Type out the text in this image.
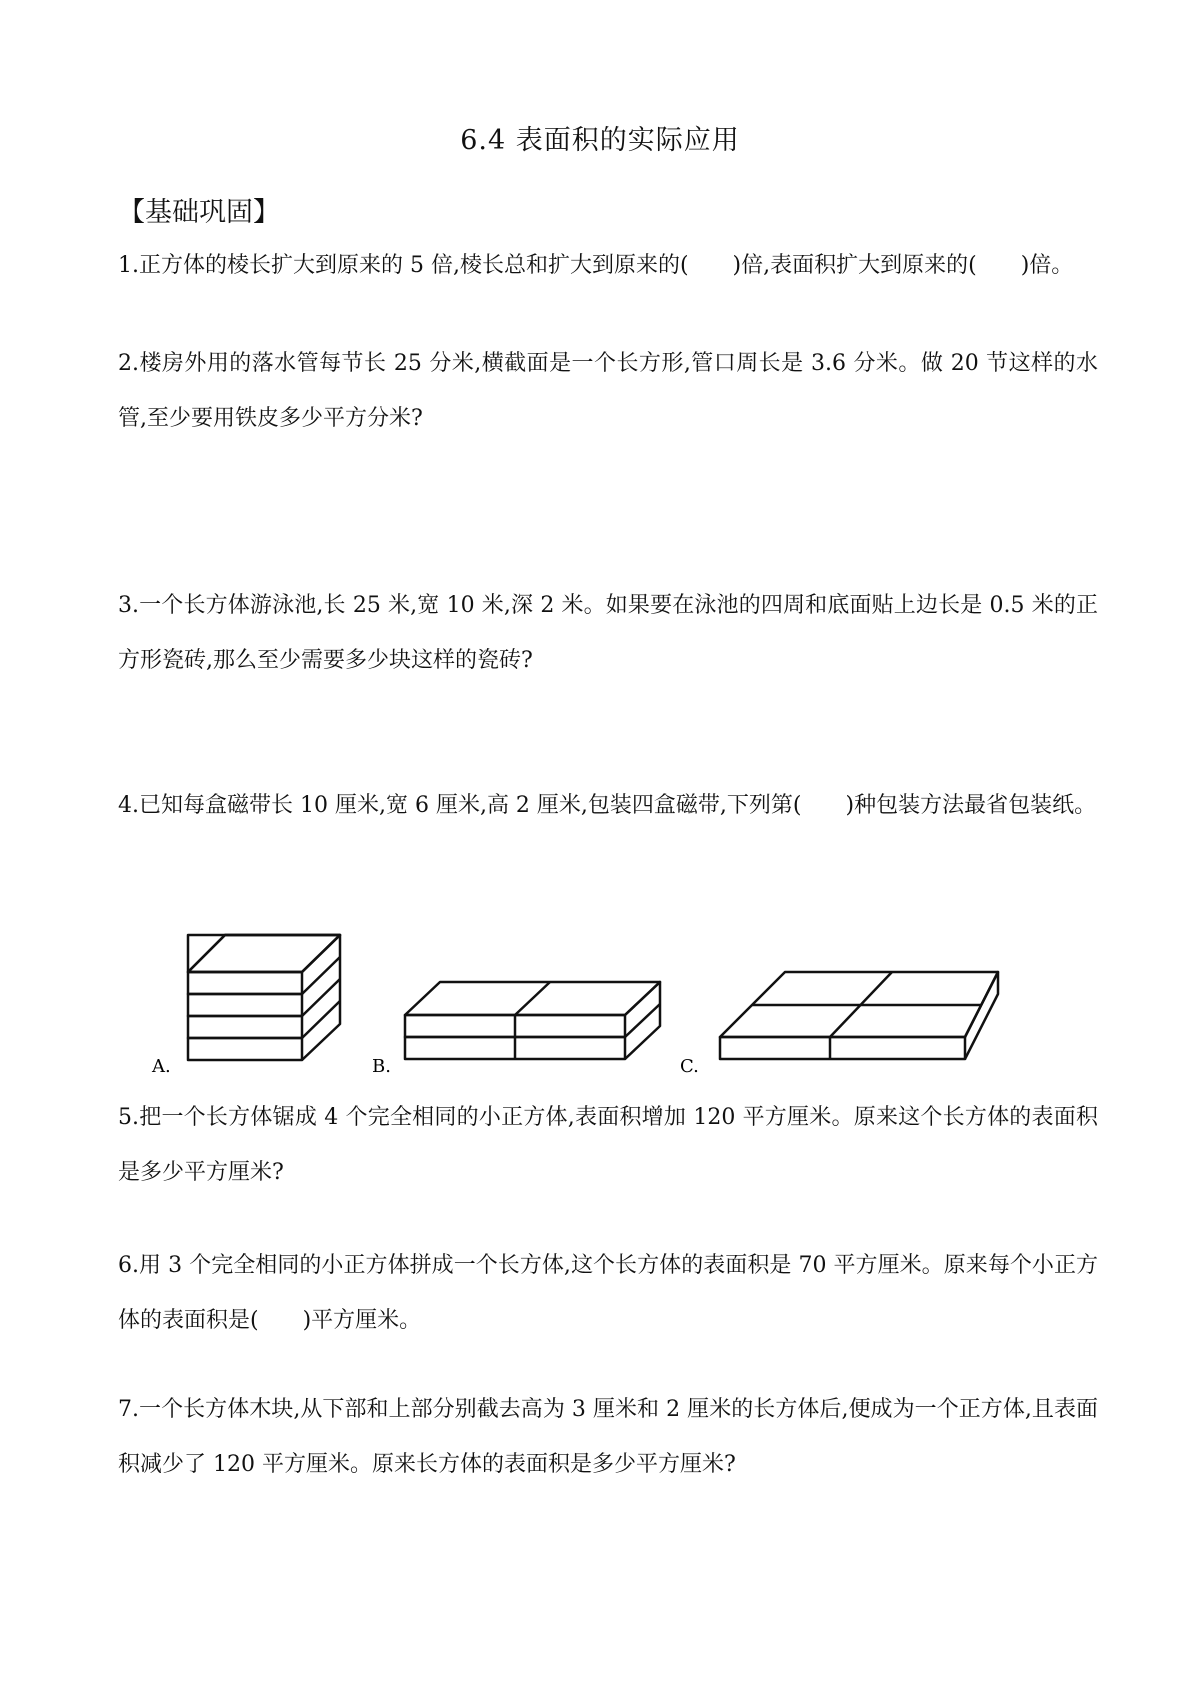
6.4 表面积的实际应用
【基础巩固】
1.正方体的棱长扩大到原来的 5 倍,棱长总和扩大到原来的(　　)倍,表面积扩大到原来的(　　)倍。
2.楼房外用的落水管每节长 25 分米,横截面是一个长方形,管口周长是 3.6 分米。做 20 节这样的水管,至少要用铁皮多少平方分米?
3.一个长方体游泳池,长 25 米,宽 10 米,深 2 米。如果要在泳池的四周和底面贴上边长是 0.5 米的正方形瓷砖,那么至少需要多少块这样的瓷砖?
4.已知每盒磁带长 10 厘米,宽 6 厘米,高 2 厘米,包装四盒磁带,下列第(　　)种包装方法最省包装纸。
A.	B.	C.
5.把一个长方体锯成 4 个完全相同的小正方体,表面积增加 120 平方厘米。原来这个长方体的表面积是多少平方厘米?
6.用 3 个完全相同的小正方体拼成一个长方体,这个长方体的表面积是 70 平方厘米。原来每个小正方体的表面积是(　　)平方厘米。
7.一个长方体木块,从下部和上部分别截去高为 3 厘米和 2 厘米的长方体后,便成为一个正方体,且表面积减少了 120 平方厘米。原来长方体的表面积是多少平方厘米?
